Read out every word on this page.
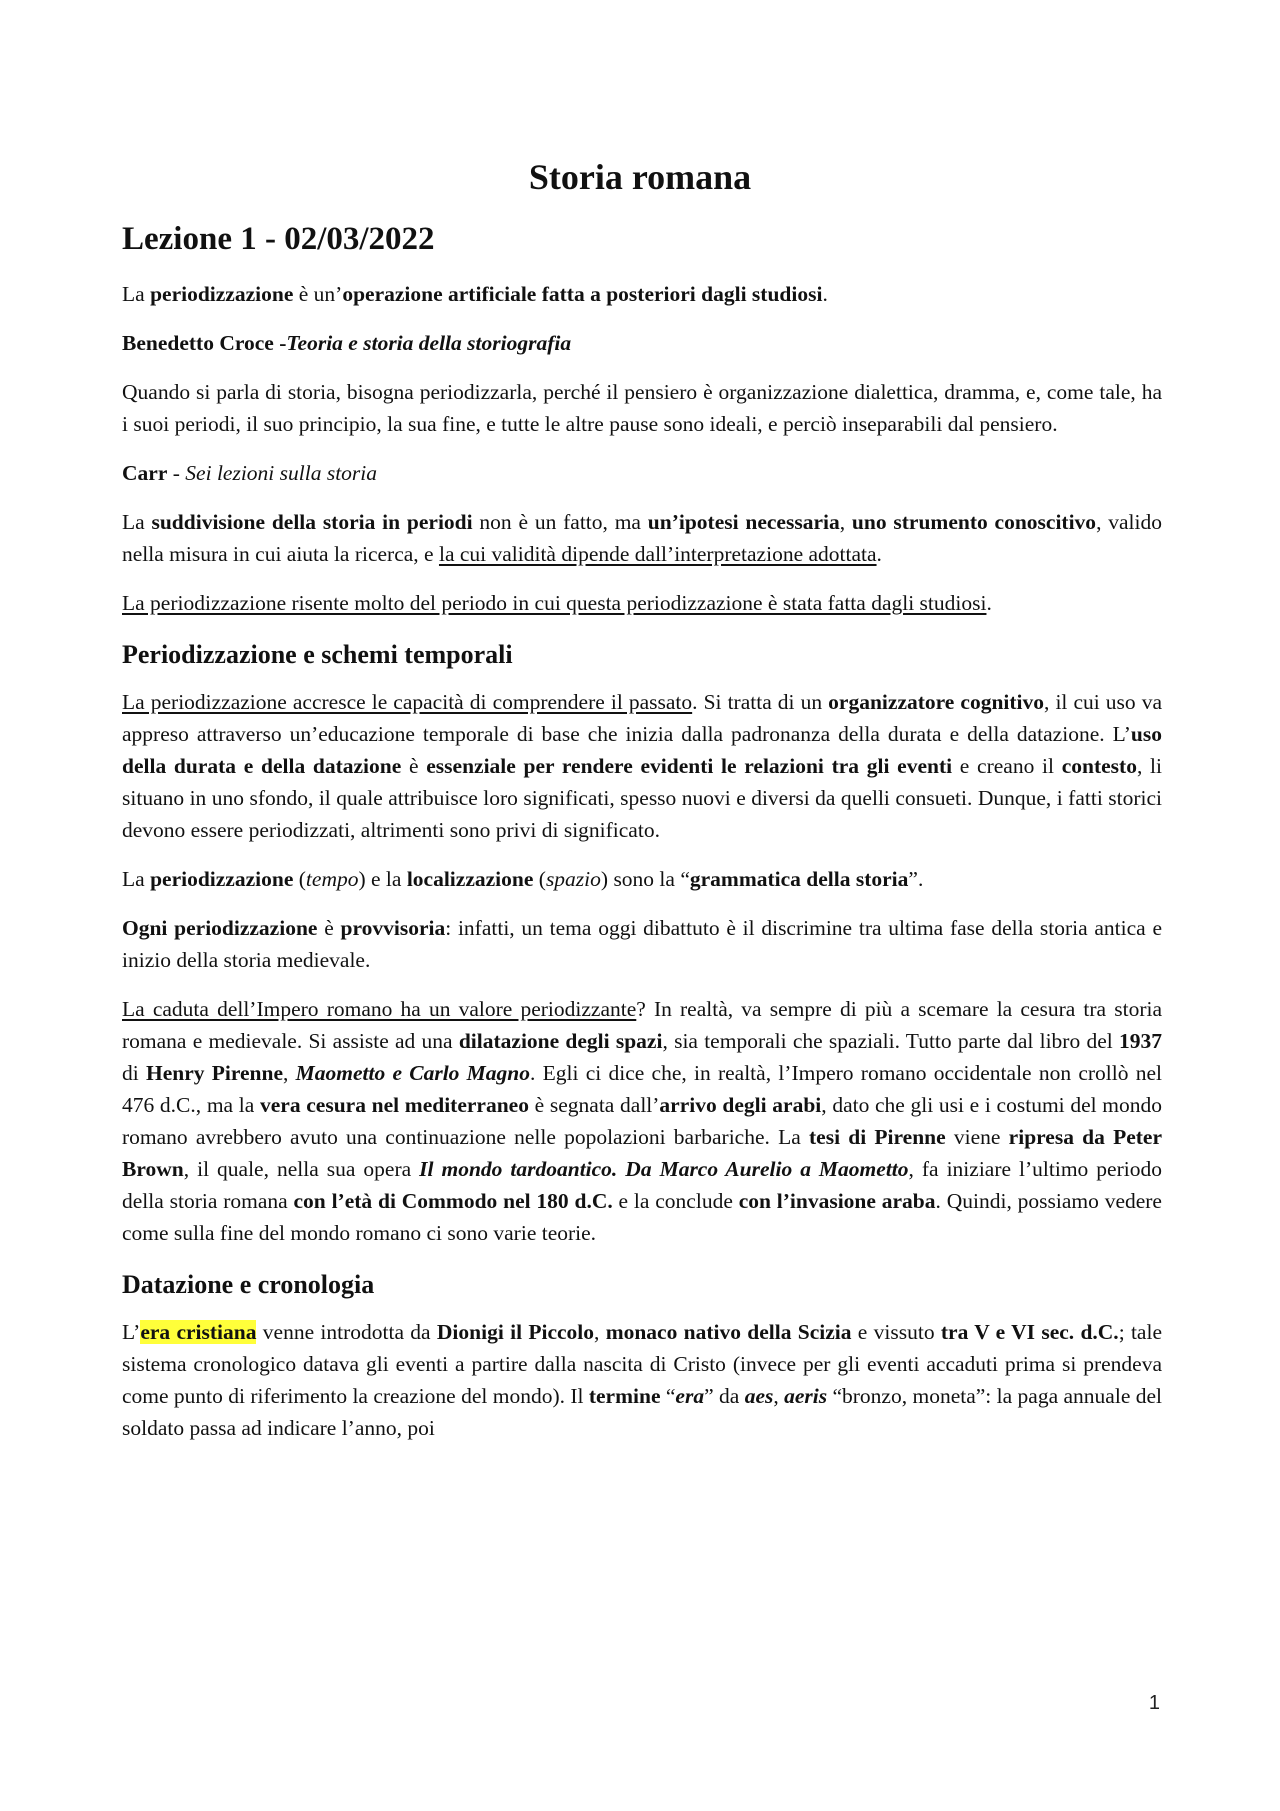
Storia romana
Lezione 1 - 02/03/2022

La periodizzazione è un’operazione artificiale fatta a posteriori dagli studiosi.

Benedetto Croce -Teoria e storia della storiografia

Quando si parla di storia, bisogna periodizzarla, perché il pensiero è organizzazione dialettica, dramma, e, come tale, ha i suoi periodi, il suo principio, la sua fine, e tutte le altre pause sono ideali, e perciò inseparabili dal pensiero.

Carr - Sei lezioni sulla storia

La suddivisione della storia in periodi non è un fatto, ma un’ipotesi necessaria, uno strumento conoscitivo, valido nella misura in cui aiuta la ricerca, e la cui validità dipende dall’interpretazione adottata.

La periodizzazione risente molto del periodo in cui questa periodizzazione è stata fatta dagli studiosi.

Periodizzazione e schemi temporali

La periodizzazione accresce le capacità di comprendere il passato. Si tratta di un organizzatore cognitivo, il cui uso va appreso attraverso un’educazione temporale di base che inizia dalla padronanza della durata e della datazione. L’uso della durata e della datazione è essenziale per rendere evidenti le relazioni tra gli eventi e creano il contesto, li situano in uno sfondo, il quale attribuisce loro significati, spesso nuovi e diversi da quelli consueti. Dunque, i fatti storici devono essere periodizzati, altrimenti sono privi di significato.

La periodizzazione (tempo) e la localizzazione (spazio) sono la “grammatica della storia”.

Ogni periodizzazione è provvisoria: infatti, un tema oggi dibattuto è il discrimine tra ultima fase della storia antica e inizio della storia medievale.

La caduta dell’Impero romano ha un valore periodizzante? In realtà, va sempre di più a scemare la cesura tra storia romana e medievale. Si assiste ad una dilatazione degli spazi, sia temporali che spaziali. Tutto parte dal libro del 1937 di Henry Pirenne, Maometto e Carlo Magno. Egli ci dice che, in realtà, l’Impero romano occidentale non crollò nel 476 d.C., ma la vera cesura nel mediterraneo è segnata dall’arrivo degli arabi, dato che gli usi e i costumi del mondo romano avrebbero avuto una continuazione nelle popolazioni barbariche. La tesi di Pirenne viene ripresa da Peter Brown, il quale, nella sua opera Il mondo tardoantico. Da Marco Aurelio a Maometto, fa iniziare l’ultimo periodo della storia romana con l’età di Commodo nel 180 d.C. e la conclude con l’invasione araba. Quindi, possiamo vedere come sulla fine del mondo romano ci sono varie teorie.

Datazione e cronologia

L’era cristiana venne introdotta da Dionigi il Piccolo, monaco nativo della Scizia e vissuto tra V e VI sec. d.C.; tale sistema cronologico datava gli eventi a partire dalla nascita di Cristo (invece per gli eventi accaduti prima si prendeva come punto di riferimento la creazione del mondo). Il termine “era” da aes, aeris “bronzo, moneta”: la paga annuale del soldato passa ad indicare l’anno, poi

1
